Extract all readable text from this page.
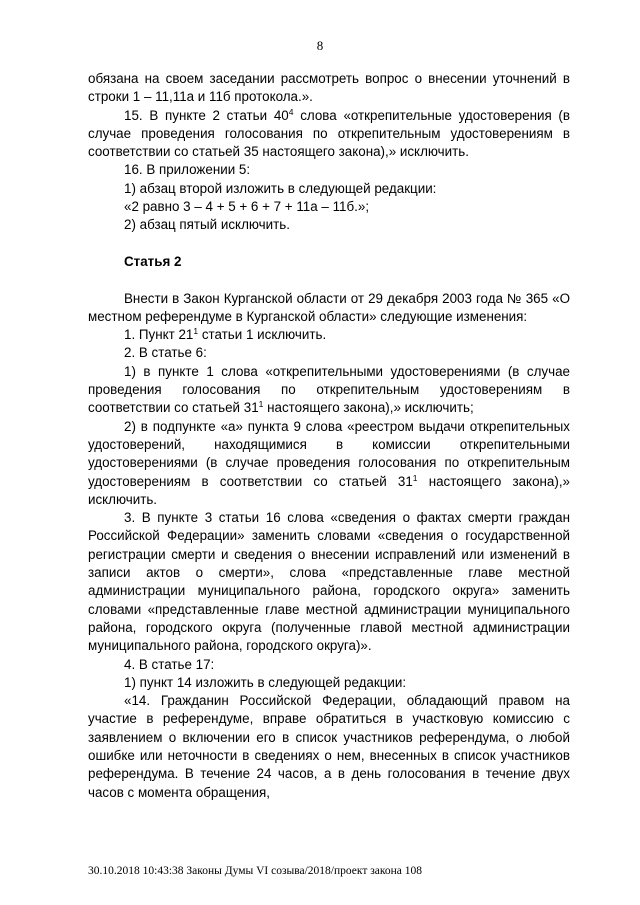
8

обязана на своем заседании рассмотреть вопрос о внесении уточнений в строки 1 – 11,11а и 11б протокола.».

15. В пункте 2 статьи $40^4$ слова «открепительные удостоверения (в случае проведения голосования по открепительным удостоверениям в соответствии со статьей 35 настоящего закона),» исключить.

16. В приложении 5:

1) абзац второй изложить в следующей редакции:

«2 равно 3 – 4 + 5 + 6 + 7 + 11а – 11б.»;

2) абзац пятый исключить.

Статья 2

Внести в Закон Курганской области от 29 декабря 2003 года № 365 «О местном референдуме в Курганской области» следующие изменения:

1. Пункт $21^1$ статьи 1 исключить.

2. В статье 6:

1) в пункте 1 слова «открепительными удостоверениями (в случае проведения голосования по открепительным удостоверениям в соответствии со статьей $31^1$ настоящего закона),» исключить;

2) в подпункте «а» пункта 9 слова «реестром выдачи открепительных удостоверений, находящимися в комиссии открепительными удостоверениями (в случае проведения голосования по открепительным удостоверениям в соответствии со статьей $31^1$ настоящего закона),» исключить.

3. В пункте 3 статьи 16 слова «сведения о фактах смерти граждан Российской Федерации» заменить словами «сведения о государственной регистрации смерти и сведения о внесении исправлений или изменений в записи актов о смерти», слова «представленные главе местной администрации муниципального района, городского округа» заменить словами «представленные главе местной администрации муниципального района, городского округа (полученные главой местной администрации муниципального района, городского округа)».

4. В статье 17:

1) пункт 14 изложить в следующей редакции:

«14. Гражданин Российской Федерации, обладающий правом на участие в референдуме, вправе обратиться в участковую комиссию с заявлением о включении его в список участников референдума, о любой ошибке или неточности в сведениях о нем, внесенных в список участников референдума. В течение 24 часов, а в день голосования в течение двух часов с момента обращения,

30.10.2018 10:43:38 Законы Думы VI созыва/2018/проект закона 108
